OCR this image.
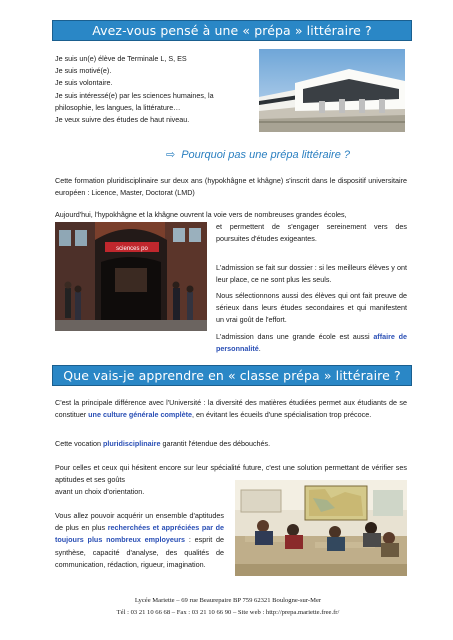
Avez-vous pensé à une « prépa » littéraire ?
Je suis un(e) élève de Terminale L, S, ES
Je suis motivé(e).
Je suis volontaire.
Je suis intéressé(e) par les sciences humaines, la
philosophie, les langues, la littérature…
Je veux suivre des études de haut niveau.
⇨ Pourquoi pas une prépa littéraire ?
Cette formation pluridisciplinaire sur deux ans (hypokhâgne et khâgne) s'inscrit dans le dispositif universitaire européen : Licence, Master, Doctorat (LMD)
Aujourd'hui, l'hypokhâgne et la khâgne ouvrent la voie vers de nombreuses grandes écoles,
sciences po
et permettent de s'engager sereinement vers des poursuites d'études exigeantes.
L'admission se fait sur dossier : si les meilleurs élèves y ont leur place, ce ne sont plus les seuls.
Nous sélectionnons aussi des élèves qui ont fait preuve de sérieux dans leurs études secondaires et qui manifestent un vrai goût de l'effort.
L'admission dans une grande école est aussi affaire de personnalité.
Que vais-je apprendre en « classe prépa » littéraire ?
C'est la principale différence avec l'Université : la diversité des matières étudiées permet aux étudiants de se constituer une culture générale complète, en évitant les écueils d'une spécialisation trop précoce.
Cette vocation pluridisciplinaire garantit l'étendue des débouchés.
Pour celles et ceux qui hésitent encore sur leur spécialité future, c'est une solution permettant de vérifier ses aptitudes et ses goûts
avant un choix d'orientation.
Vous allez pouvoir acquérir un ensemble d'aptitudes de plus en plus recherchées et appréciées par de toujours plus nombreux employeurs : esprit de synthèse, capacité d'analyse, des qualités de communication, rédaction, rigueur, imagination.
Lycée Mariette – 69 rue Beaurepaire BP 759 62321 Boulogne-sur-Mer
Tél : 03 21 10 66 68 – Fax : 03 21 10 66 90 – Site web : http://prepa.mariette.free.fr/
